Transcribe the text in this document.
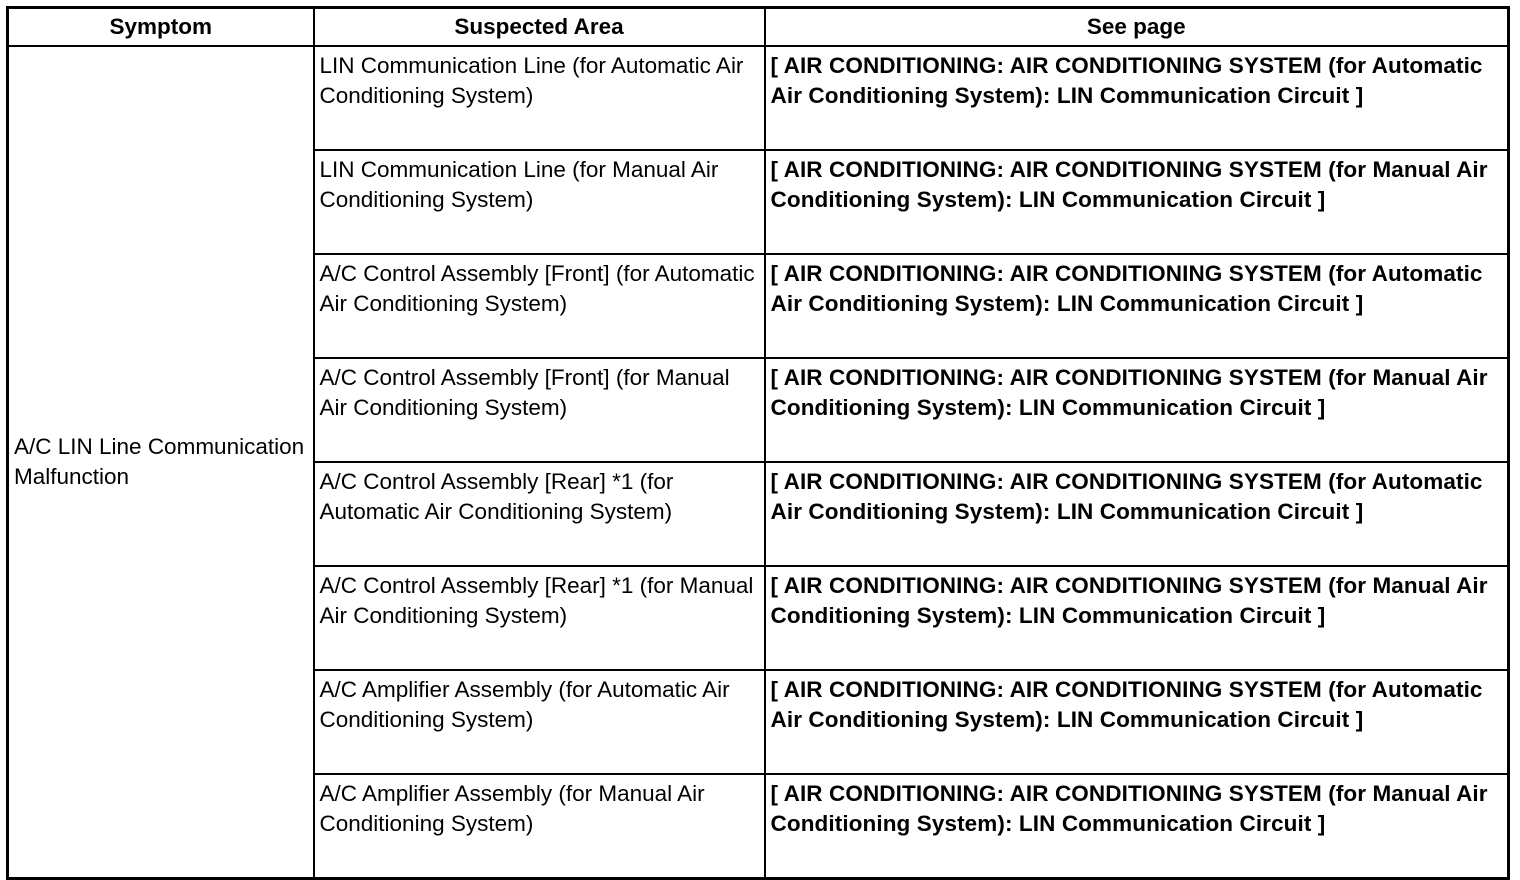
Symptom	Suspected Area	See page
A/C LIN Line Communication Malfunction	LIN Communication Line (for Automatic Air Conditioning System)	[ AIR CONDITIONING: AIR CONDITIONING SYSTEM (for Automatic Air Conditioning System): LIN Communication Circuit ]
	LIN Communication Line (for Manual Air Conditioning System)	[ AIR CONDITIONING: AIR CONDITIONING SYSTEM (for Manual Air Conditioning System): LIN Communication Circuit ]
	A/C Control Assembly [Front] (for Automatic Air Conditioning System)	[ AIR CONDITIONING: AIR CONDITIONING SYSTEM (for Automatic Air Conditioning System): LIN Communication Circuit ]
	A/C Control Assembly [Front] (for Manual Air Conditioning System)	[ AIR CONDITIONING: AIR CONDITIONING SYSTEM (for Manual Air Conditioning System): LIN Communication Circuit ]
	A/C Control Assembly [Rear] *1 (for Automatic Air Conditioning System)	[ AIR CONDITIONING: AIR CONDITIONING SYSTEM (for Automatic Air Conditioning System): LIN Communication Circuit ]
	A/C Control Assembly [Rear] *1 (for Manual Air Conditioning System)	[ AIR CONDITIONING: AIR CONDITIONING SYSTEM (for Manual Air Conditioning System): LIN Communication Circuit ]
	A/C Amplifier Assembly (for Automatic Air Conditioning System)	[ AIR CONDITIONING: AIR CONDITIONING SYSTEM (for Automatic Air Conditioning System): LIN Communication Circuit ]
	A/C Amplifier Assembly (for Manual Air Conditioning System)	[ AIR CONDITIONING: AIR CONDITIONING SYSTEM (for Manual Air Conditioning System): LIN Communication Circuit ]
